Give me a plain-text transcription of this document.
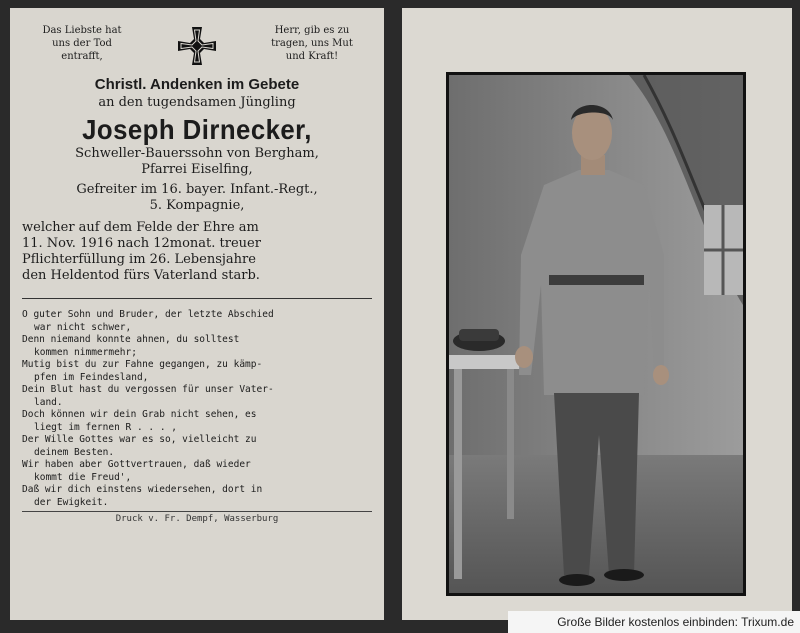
Das Liebste hat
uns der Tod
entrafft,
Herr, gib es zu
tragen, uns Mut
und Kraft!
Christl. Andenken im Gebete
an den tugendsamen Jüngling
Joseph Dirnecker,
Schweller-Bauerssohn von Bergham,
Pfarrei Eiselfing,
Gefreiter im 16. bayer. Infant.-Regt.,
5. Kompagnie,
welcher auf dem Felde der Ehre am
11. Nov. 1916 nach 12monat. treuer
Pflichterfüllung im 26. Lebensjahre
den Heldentod fürs Vaterland starb.
O guter Sohn und Bruder, der letzte Abschied
war nicht schwer,
Denn niemand konnte ahnen, du solltest
kommen nimmermehr;
Mutig bist du zur Fahne gegangen, zu kämp-
pfen im Feindesland,
Dein Blut hast du vergossen für unser Vater-
land.
Doch können wir dein Grab nicht sehen, es
liegt im fernen R . . . ,
Der Wille Gottes war es so, vielleicht zu
deinem Besten.
Wir haben aber Gottvertrauen, daß wieder
kommt die Freud',
Daß wir dich einstens wiedersehen, dort in
der Ewigkeit.
Druck v. Fr. Dempf, Wasserburg
Große Bilder kostenlos einbinden: Trixum.de
